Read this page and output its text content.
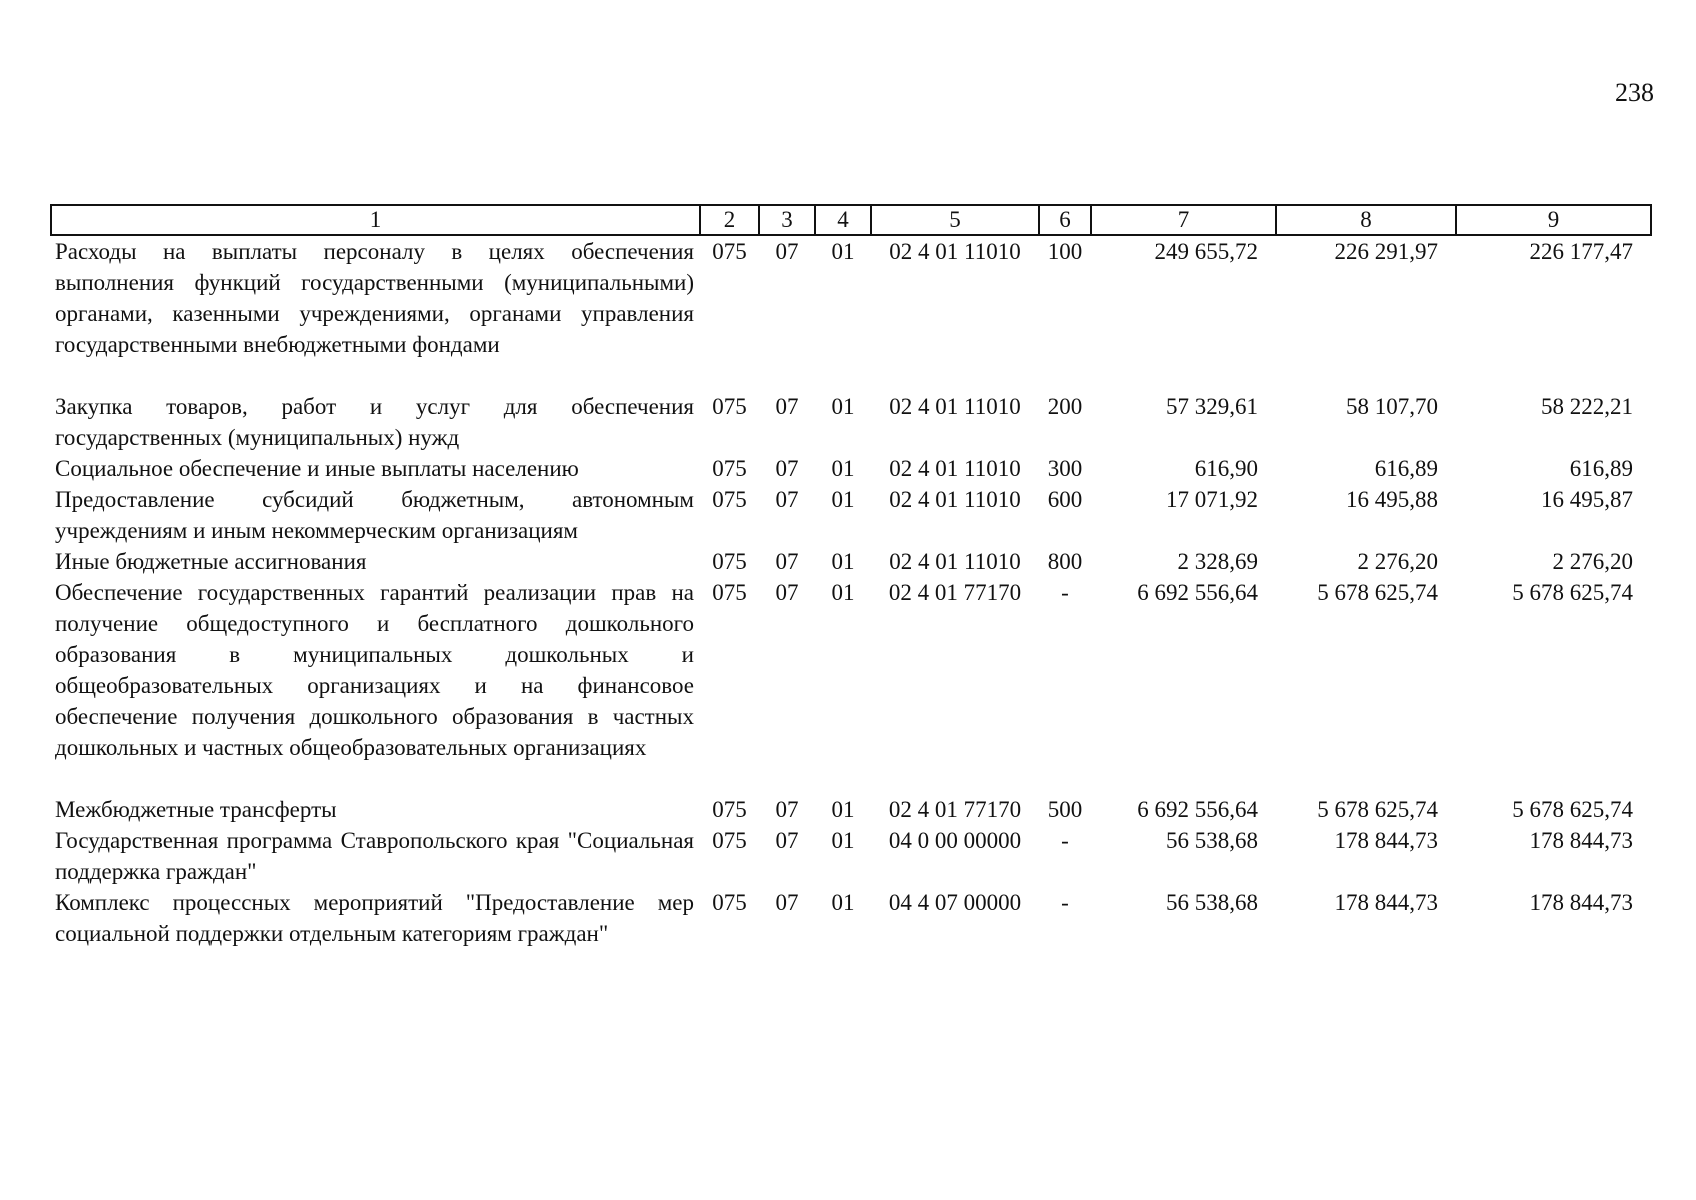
238
1	2	3	4	5	6	7	8	9
Расходы на выплаты персоналу в целях обеспечения выполнения функций государственными (муниципальными) органами, казенными учреждениями, органами управления государственными внебюджетными фондами	075	07	01	02 4 01 11010	100	249 655,72	226 291,97	226 177,47
Закупка товаров, работ и услуг для обеспечения государственных (муниципальных) нужд	075	07	01	02 4 01 11010	200	57 329,61	58 107,70	58 222,21
Социальное обеспечение и иные выплаты населению	075	07	01	02 4 01 11010	300	616,90	616,89	616,89
Предоставление субсидий бюджетным, автономным учреждениям и иным некоммерческим организациям	075	07	01	02 4 01 11010	600	17 071,92	16 495,88	16 495,87
Иные бюджетные ассигнования	075	07	01	02 4 01 11010	800	2 328,69	2 276,20	2 276,20
Обеспечение государственных гарантий реализации прав на получение общедоступного и бесплатного дошкольного образования в муниципальных дошкольных и общеобразовательных организациях и на финансовое обеспечение получения дошкольного образования в частных дошкольных и частных общеобразовательных организациях	075	07	01	02 4 01 77170	-	6 692 556,64	5 678 625,74	5 678 625,74
Межбюджетные трансферты	075	07	01	02 4 01 77170	500	6 692 556,64	5 678 625,74	5 678 625,74
Государственная программа Ставропольского края "Социальная поддержка граждан"	075	07	01	04 0 00 00000	-	56 538,68	178 844,73	178 844,73
Комплекс процессных мероприятий "Предоставление мер социальной поддержки отдельным категориям граждан"	075	07	01	04 4 07 00000	-	56 538,68	178 844,73	178 844,73
